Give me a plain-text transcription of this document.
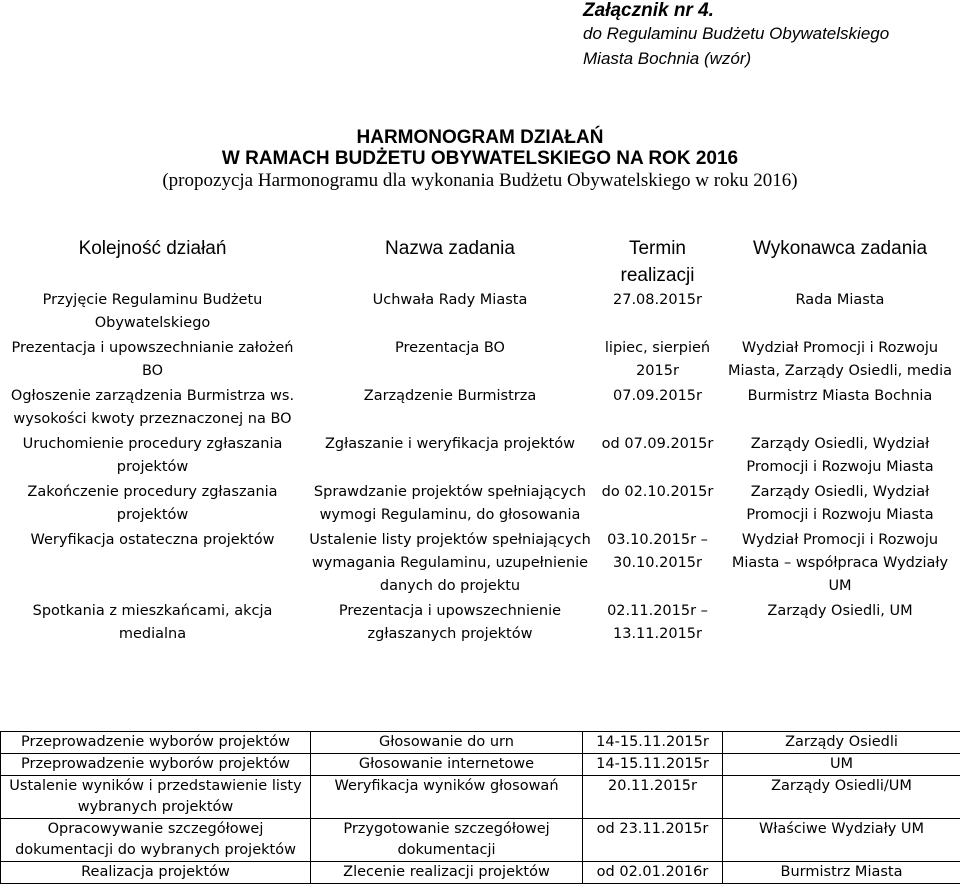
Załącznik nr 4.
do Regulaminu Budżetu Obywatelskiego
Miasta Bochnia (wzór)
HARMONOGRAM DZIAŁAŃ
W RAMACH BUDŻETU OBYWATELSKIEGO NA ROK 2016
(propozycja Harmonogramu dla wykonania Budżetu Obywatelskiego w roku 2016)
Kolejność działań	Nazwa zadania	Termin realizacji	Wykonawca zadania
Przyjęcie Regulaminu Budżetu Obywatelskiego	Uchwała Rady Miasta	27.08.2015r	Rada Miasta
Prezentacja i upowszechnianie założeń BO	Prezentacja BO	lipiec, sierpień 2015r	Wydział Promocji i Rozwoju Miasta, Zarządy Osiedli, media
Ogłoszenie zarządzenia Burmistrza ws. wysokości kwoty przeznaczonej na BO	Zarządzenie Burmistrza	07.09.2015r	Burmistrz Miasta Bochnia
Uruchomienie procedury zgłaszania projektów	Zgłaszanie i weryfikacja projektów	od 07.09.2015r	Zarządy Osiedli, Wydział Promocji i Rozwoju Miasta
Zakończenie procedury zgłaszania projektów	Sprawdzanie projektów spełniających wymogi Regulaminu, do głosowania	do 02.10.2015r	Zarządy Osiedli, Wydział Promocji i Rozwoju Miasta
Weryfikacja ostateczna projektów	Ustalenie listy projektów spełniających wymagania Regulaminu, uzupełnienie danych do projektu	03.10.2015r – 30.10.2015r	Wydział Promocji i Rozwoju Miasta – współpraca Wydziały UM
Spotkania z mieszkańcami, akcja medialna	Prezentacja i upowszechnienie zgłaszanych projektów	02.11.2015r – 13.11.2015r	Zarządy Osiedli, UM
Przeprowadzenie wyborów projektów	Głosowanie do urn	14-15.11.2015r	Zarządy Osiedli
Przeprowadzenie wyborów projektów	Głosowanie internetowe	14-15.11.2015r	UM
Ustalenie wyników i przedstawienie listy wybranych projektów	Weryfikacja wyników głosowań	20.11.2015r	Zarządy Osiedli/UM
Opracowywanie szczegółowej dokumentacji do wybranych projektów	Przygotowanie szczegółowej dokumentacji	od 23.11.2015r	Właściwe Wydziały UM
Realizacja projektów	Zlecenie realizacji projektów	od 02.01.2016r	Burmistrz Miasta
